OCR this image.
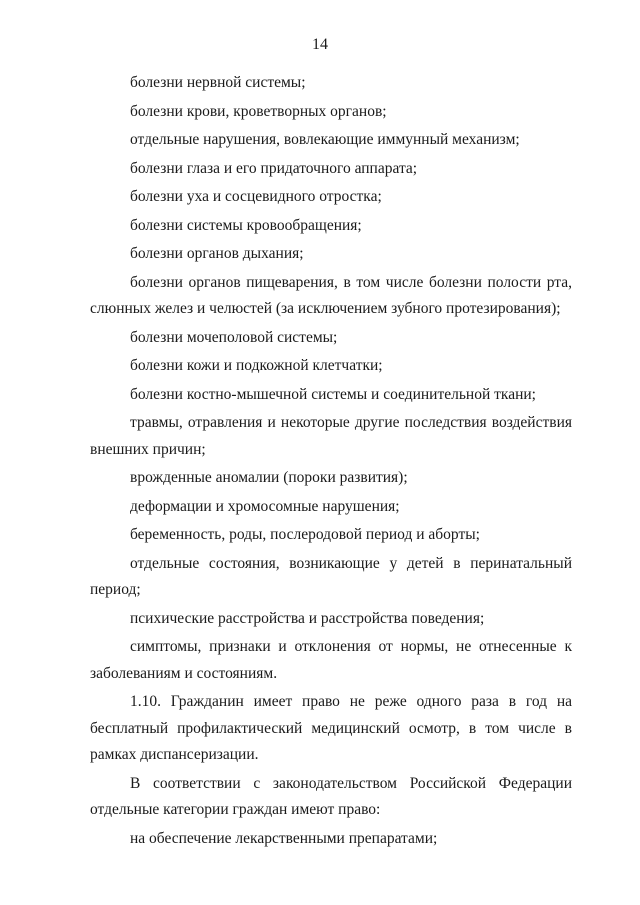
14

болезни нервной системы;

болезни крови, кроветворных органов;

отдельные нарушения, вовлекающие иммунный механизм;

болезни глаза и его придаточного аппарата;

болезни уха и сосцевидного отростка;

болезни системы кровообращения;

болезни органов дыхания;

болезни органов пищеварения, в том числе болезни полости рта, слюнных желез и челюстей (за исключением зубного протезирования);

болезни мочеполовой системы;

болезни кожи и подкожной клетчатки;

болезни костно-мышечной системы и соединительной ткани;

травмы, отравления и некоторые другие последствия воздействия внешних причин;

врожденные аномалии (пороки развития);

деформации и хромосомные нарушения;

беременность, роды, послеродовой период и аборты;

отдельные состояния, возникающие у детей в перинатальный период;

психические расстройства и расстройства поведения;

симптомы, признаки и отклонения от нормы, не отнесенные к заболеваниям и состояниям.

1.10. Гражданин имеет право не реже одного раза в год на бесплатный профилактический медицинский осмотр, в том числе в рамках диспансеризации.

В соответствии с законодательством Российской Федерации отдельные категории граждан имеют право:

на обеспечение лекарственными препаратами;
